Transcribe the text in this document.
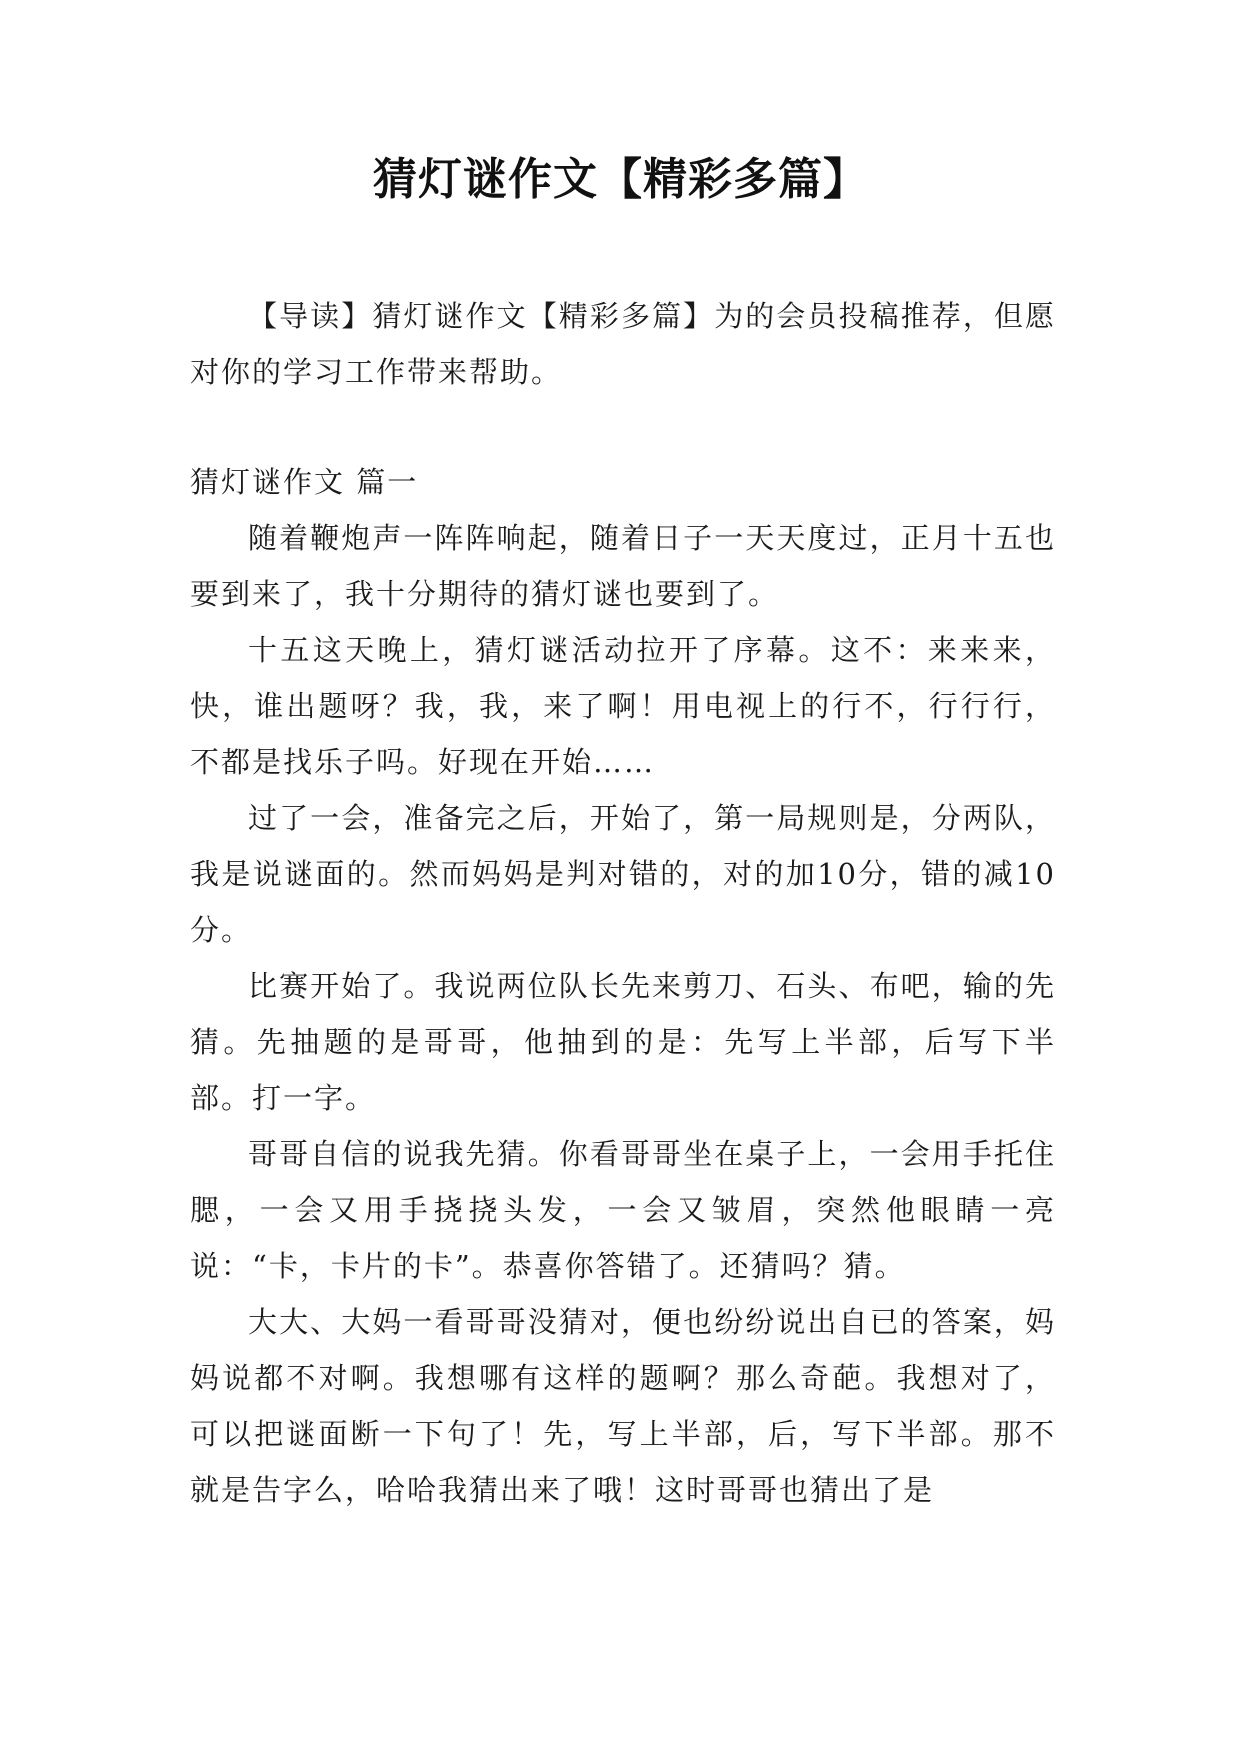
猜灯谜作文【精彩多篇】

【导读】猜灯谜作文【精彩多篇】为的会员投稿推荐，但愿对你的学习工作带来帮助。

猜灯谜作文 篇一

随着鞭炮声一阵阵响起，随着日子一天天度过，正月十五也要到来了，我十分期待的猜灯谜也要到了。

十五这天晚上，猜灯谜活动拉开了序幕。这不：来来来，快，谁出题呀？我，我，来了啊！用电视上的行不，行行行，不都是找乐子吗。好现在开始……

过了一会，准备完之后，开始了，第一局规则是，分两队，我是说谜面的。然而妈妈是判对错的，对的加10分，错的减10分。

比赛开始了。我说两位队长先来剪刀、石头、布吧，输的先猜。先抽题的是哥哥，他抽到的是：先写上半部，后写下半部。打一字。

哥哥自信的说我先猜。你看哥哥坐在桌子上，一会用手托住腮，一会又用手挠挠头发，一会又皱眉，突然他眼睛一亮说：“卡，卡片的卡”。恭喜你答错了。还猜吗？猜。

大大、大妈一看哥哥没猜对，便也纷纷说出自已的答案，妈妈说都不对啊。我想哪有这样的题啊？那么奇葩。我想对了，可以把谜面断一下句了！先，写上半部，后，写下半部。那不就是告字么，哈哈我猜出来了哦！这时哥哥也猜出了是
